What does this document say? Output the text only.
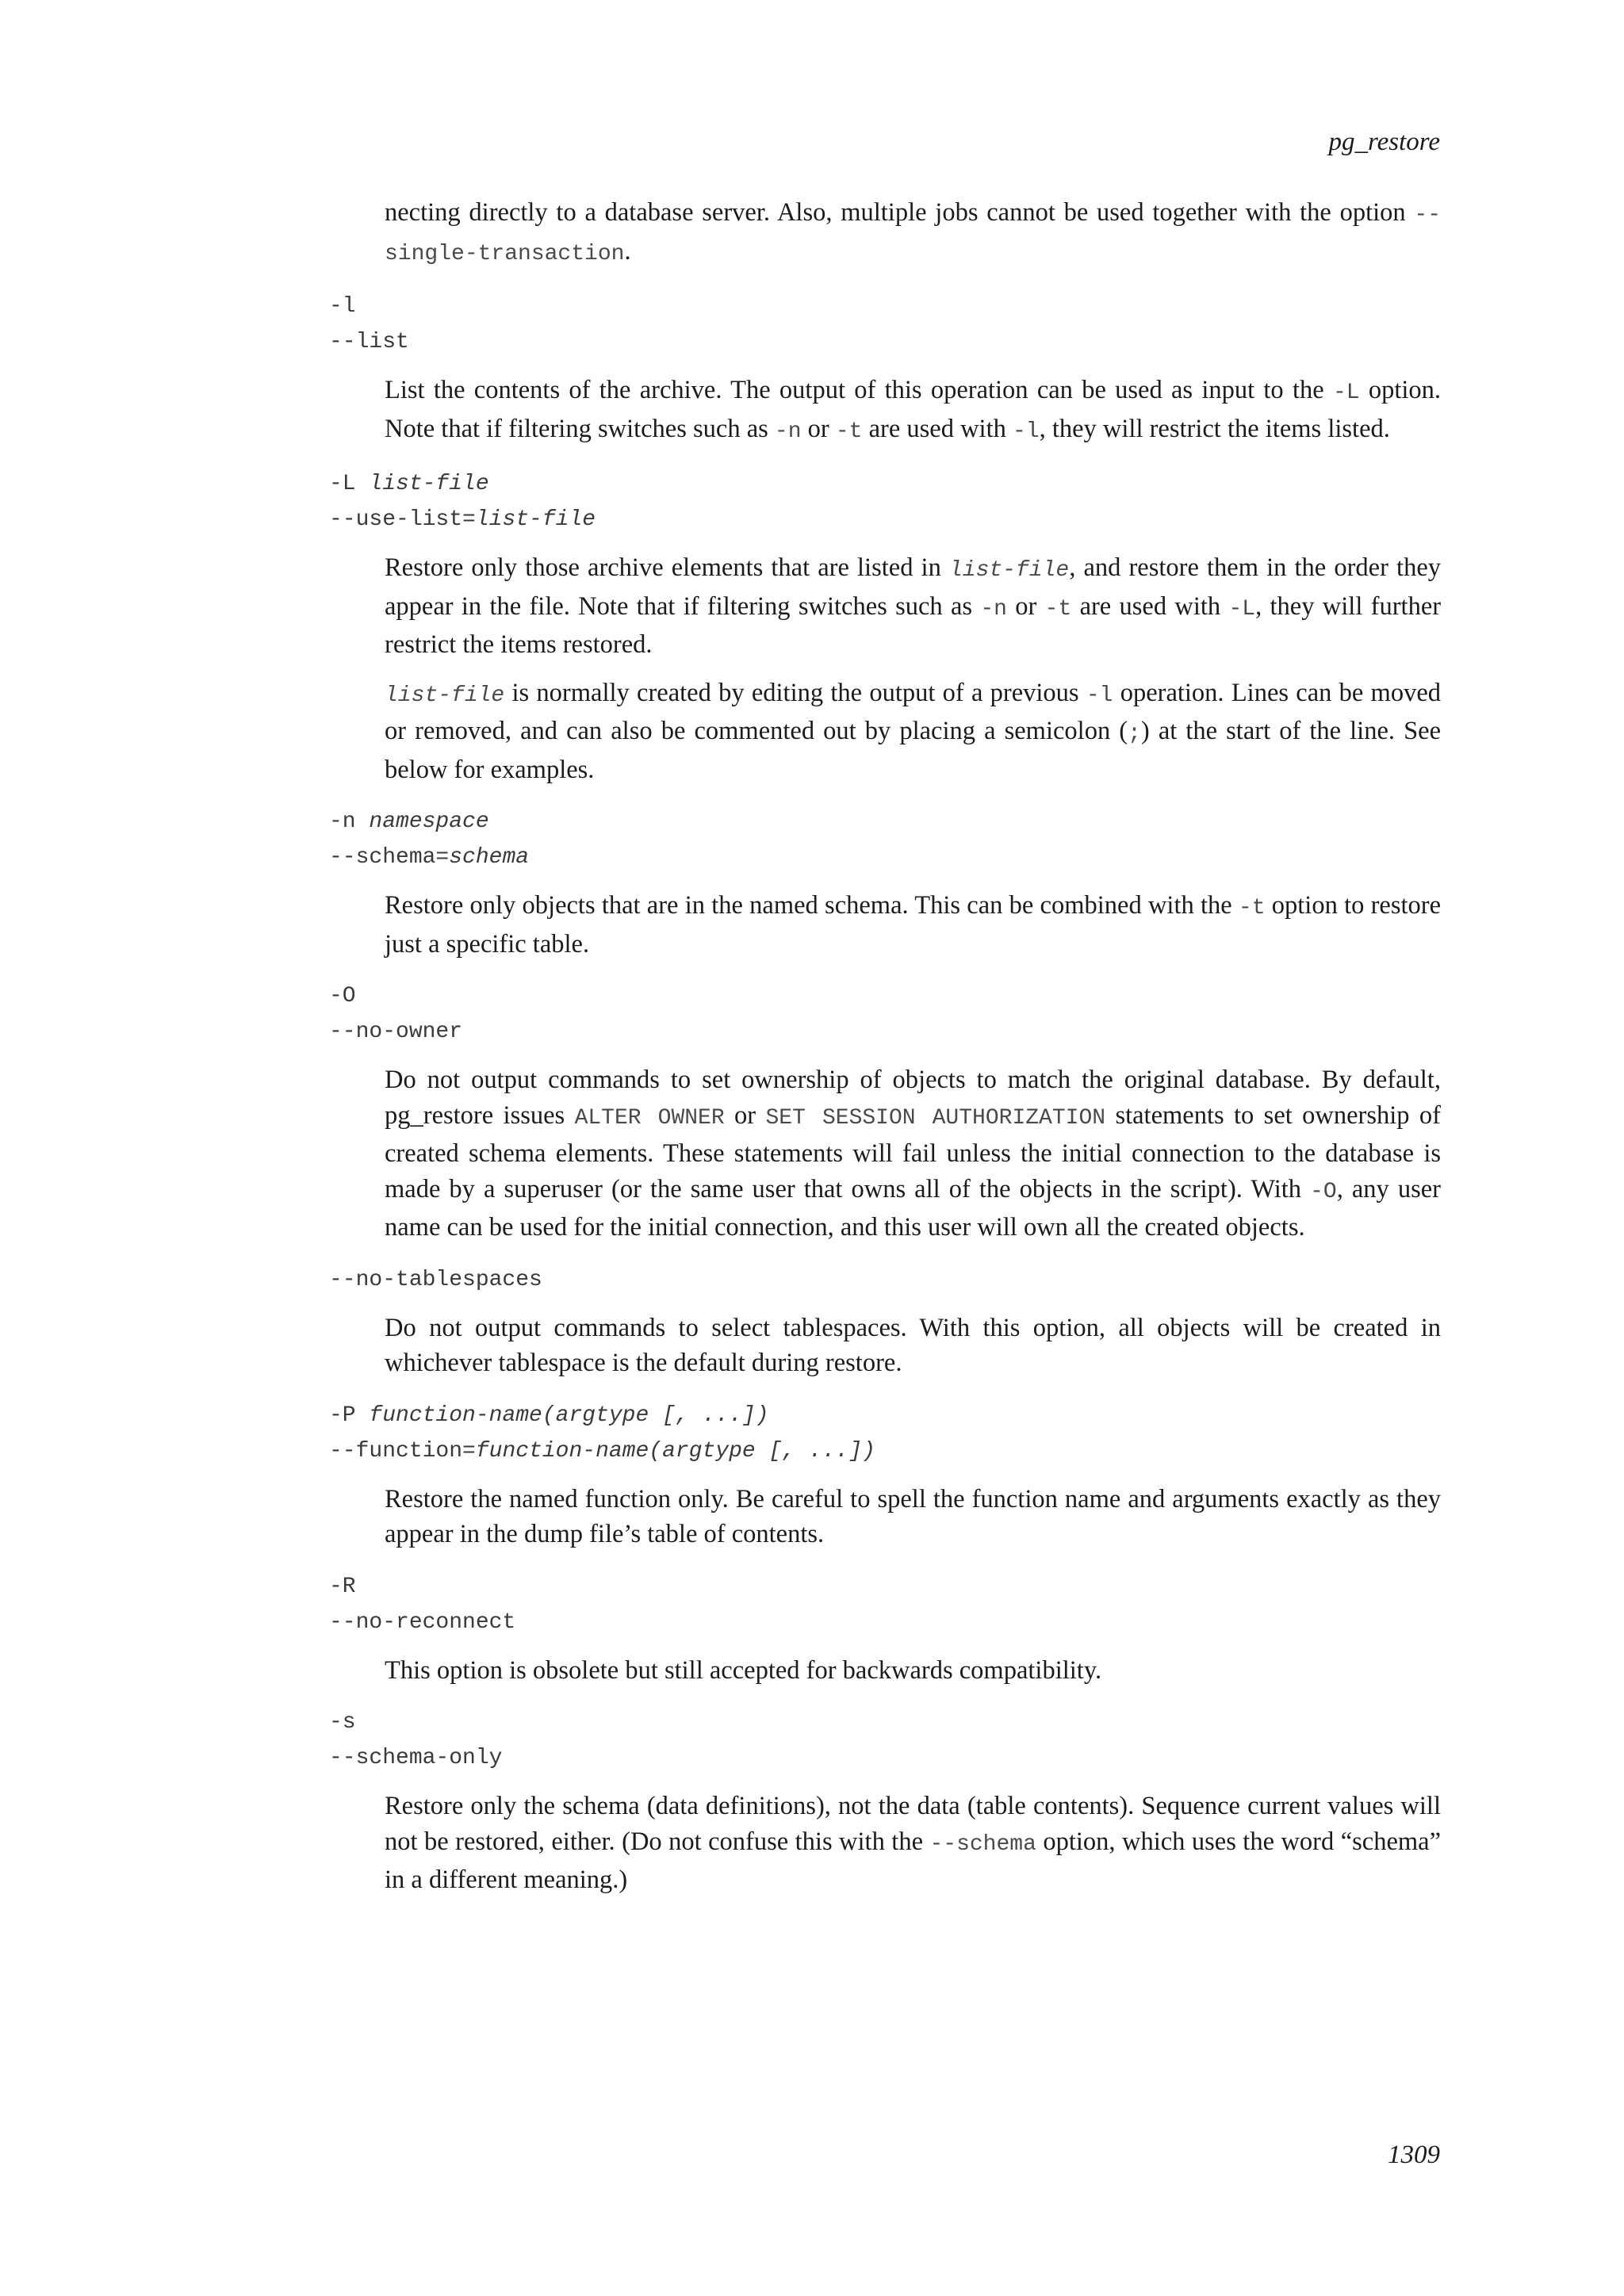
pg_restore

necting directly to a database server. Also, multiple jobs cannot be used together with the option --single-transaction.

-l

--list

List the contents of the archive. The output of this operation can be used as input to the -L option. Note that if filtering switches such as -n or -t are used with -l, they will restrict the items listed.

-L list-file

--use-list=list-file

Restore only those archive elements that are listed in list-file, and restore them in the order they appear in the file. Note that if filtering switches such as -n or -t are used with -L, they will further restrict the items restored.

list-file is normally created by editing the output of a previous -l operation. Lines can be moved or removed, and can also be commented out by placing a semicolon (;) at the start of the line. See below for examples.

-n namespace

--schema=schema

Restore only objects that are in the named schema. This can be combined with the -t option to restore just a specific table.

-O

--no-owner

Do not output commands to set ownership of objects to match the original database. By default, pg_restore issues ALTER OWNER or SET SESSION AUTHORIZATION statements to set ownership of created schema elements. These statements will fail unless the initial connection to the database is made by a superuser (or the same user that owns all of the objects in the script). With -O, any user name can be used for the initial connection, and this user will own all the created objects.

--no-tablespaces

Do not output commands to select tablespaces. With this option, all objects will be created in whichever tablespace is the default during restore.

-P function-name(argtype [, ...])

--function=function-name(argtype [, ...])

Restore the named function only. Be careful to spell the function name and arguments exactly as they appear in the dump file’s table of contents.

-R

--no-reconnect

This option is obsolete but still accepted for backwards compatibility.

-s

--schema-only

Restore only the schema (data definitions), not the data (table contents). Sequence current values will not be restored, either. (Do not confuse this with the --schema option, which uses the word “schema” in a different meaning.)

1309
